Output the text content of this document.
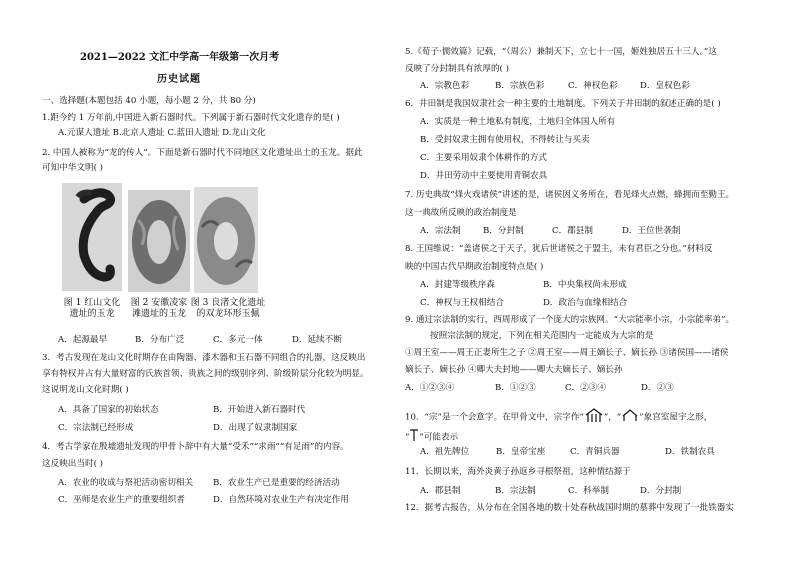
2021—2022 文汇中学高一年级第一次月考
历史试题
一、选择题(本题包括 40 小题，每小题 2 分，共 80 分)
1.距今约 1 万年前,中国进入新石器时代。下列属于新石器时代文化遗存的是( )
A.元谋人遗址 B.北京人遗址 C.蓝田人遗址 D.龙山文化
2. 中国人被称为“龙的传人”。下面是新石器时代不同地区文化遗址出土的玉龙。据此
可知中华文明( )
图 1 红山文化
遗址的玉龙
图 2 安徽凌家
滩遗址的玉龙
图 3 良渚文化遗址
的双龙环形玉佩
A．起源最早	B．分布广泛	C．多元一体	D．延续不断
3．考古发现在龙山文化时期存在由陶器、漆木器和玉石器不同组合的礼器，这反映出
享有特权并占有大量财富的氏族首领、贵族之间的级别序列、阶级阶层分化较为明显。
这说明龙山文化时期( )
A．具备了国家的初始状态	B．开始进入新石器时代
C．宗法制已经形成	D．出现了奴隶制国家
4．考古学家在殷墟遗址发现的甲骨卜辞中有大量“受禾”“求雨”“有足雨”的内容。
这反映出当时( )
A．农业的收成与祭祀活动密切相关 B．农业生产已是重要的经济活动
C．巫师是农业生产的重要组织者	D．自然环境对农业生产有决定作用
5.《荀子·儒效篇》记载，“（周公）兼制天下，立七十一国，姬姓独居五十三人。”这
反映了分封制具有浓厚的( )
A．宗教色彩	B．宗族色彩	C．神权色彩	D．皇权色彩
6．井田制是我国奴隶社会一种主要的土地制度。下列关于井田制的叙述正确的是( )
A．实质是一种土地私有制度，土地归全体国人所有
B．受封奴隶主拥有使用权，不得转让与买卖
C．主要采用奴隶个体耕作的方式
D．井田劳动中主要使用青铜农具
7. 历史典故“烽火戏诸侯”讲述的是，诸侯因义务所在，看见烽火点燃，蜂拥而至勤王。
这一典故所反映的政治制度是
A．宗法制	B．分封制	C．郡县制	D．王位世袭制
8. 王国维说：“盖诸侯之于天子，犹后世诸侯之于盟主，未有君臣之分也。”材料反
映的中国古代早期政治制度特点是( )
A．封建等级秩序森	B．中央集权尚未形成
C．神权与王权相结合	D．政治与血缘相结合
9. 通过宗法制的实行，西周形成了一个庞大的宗族网。“大宗能率小宗，小宗能率弟”。
按照宗法制的规定，下列在相关范围内一定能成为大宗的是
①周王室——周王正妻所生之子 ②周王室——周王嫡长子、嫡长孙 ③诸侯国——诸侯
嫡长子、嫡长孙 ④卿大夫封地——卿大夫嫡长子、嫡长孙
A．①②③④	B．①②③	C．②③④	D．②③
10．“宗”是一个会意字。在甲骨文中，宗字作“ ”，“ ”象宫室屋宇之形，
“ ”可能表示
A．祖先牌位	B．皇帝宝座	C．青铜兵器	D．铁制农具
11．长期以来，海外炎黄子孙返乡寻根祭祖，这种情结源于
A．郡县制	B．宗法制	C．科举制	D．分封制
12．据考古报告，从分布在全国各地的数十处春秋战国时期的墓葬中发现了一批铁器实
